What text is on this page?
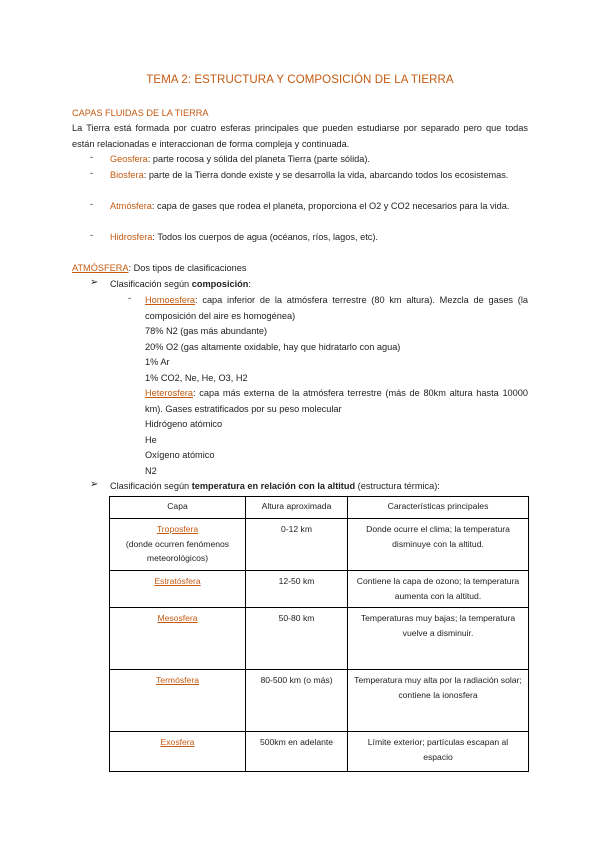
TEMA 2: ESTRUCTURA Y COMPOSICIÓN DE LA TIERRA
CAPAS FLUIDAS DE LA TIERRA
La Tierra está formada por cuatro esferas principales que pueden estudiarse por separado pero que todas están relacionadas e interaccionan de forma compleja y continuada.
- Geosfera: parte rocosa y sólida del planeta Tierra (parte sólida).
- Biosfera: parte de la Tierra donde existe y se desarrolla la vida, abarcando todos los ecosistemas.
- Atmósfera: capa de gases que rodea el planeta, proporciona el O2 y CO2 necesarios para la vida.
- Hidrosfera: Todos los cuerpos de agua (océanos, ríos, lagos, etc).
ATMÓSFERA: Dos tipos de clasificaciones
➢ Clasificación según composición:
- Homoesfera: capa inferior de la atmósfera terrestre (80 km altura). Mezcla de gases (la composición del aire es homogénea)
78% N2 (gas más abundante)
20% O2 (gas altamente oxidable, hay que hidratarlo con agua)
1% Ar
1% CO2, Ne, He, O3, H2
Heterosfera: capa más externa de la atmósfera terrestre (más de 80km altura hasta 10000 km). Gases estratificados por su peso molecular
Hidrógeno atómico
He
Oxígeno atómico
N2
➢ Clasificación según temperatura en relación con la altitud (estructura térmica):
Capa	Altura aproximada	Características principales
Troposfera
(donde ocurren fenómenos meteorológicos)	0-12 km	Donde ocurre el clima; la temperatura disminuye con la altitud.
Estratósfera	12-50 km	Contiene la capa de ozono; la temperatura aumenta con la altitud.
Mesosfera	50-80 km	Temperaturas muy bajas; la temperatura vuelve a disminuir.
Termósfera	80-500 km (o más)	Temperatura muy alta por la radiación solar; contiene la ionosfera
Exosfera	500km en adelante	Límite exterior; partículas escapan al espacio
